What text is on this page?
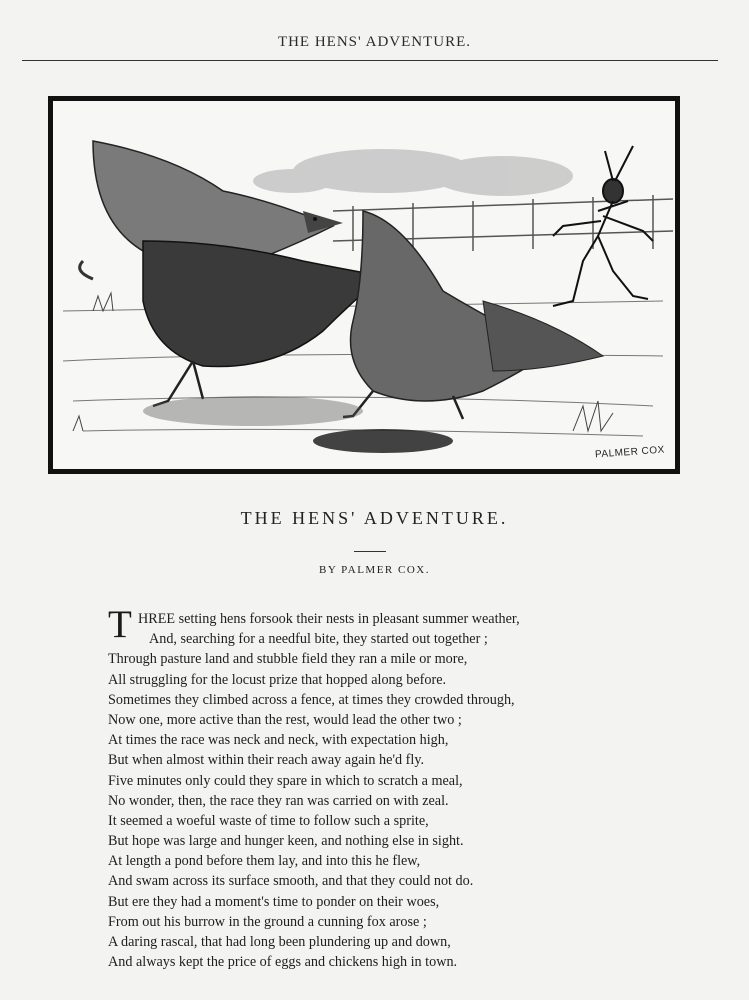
THE HENS' ADVENTURE.
PALMER COX
THE HENS' ADVENTURE.
BY PALMER COX.
T HREE setting hens forsook their nests in pleasant summer weather,
And, searching for a needful bite, they started out together ;
Through pasture land and stubble field they ran a mile or more,
All struggling for the locust prize that hopped along before.
Sometimes they climbed across a fence, at times they crowded through,
Now one, more active than the rest, would lead the other two ;
At times the race was neck and neck, with expectation high,
But when almost within their reach away again he'd fly.
Five minutes only could they spare in which to scratch a meal,
No wonder, then, the race they ran was carried on with zeal.
It seemed a woeful waste of time to follow such a sprite,
But hope was large and hunger keen, and nothing else in sight.
At length a pond before them lay, and into this he flew,
And swam across its surface smooth, and that they could not do.
But ere they had a moment's time to ponder on their woes,
From out his burrow in the ground a cunning fox arose ;
A daring rascal, that had long been plundering up and down,
And always kept the price of eggs and chickens high in town.
